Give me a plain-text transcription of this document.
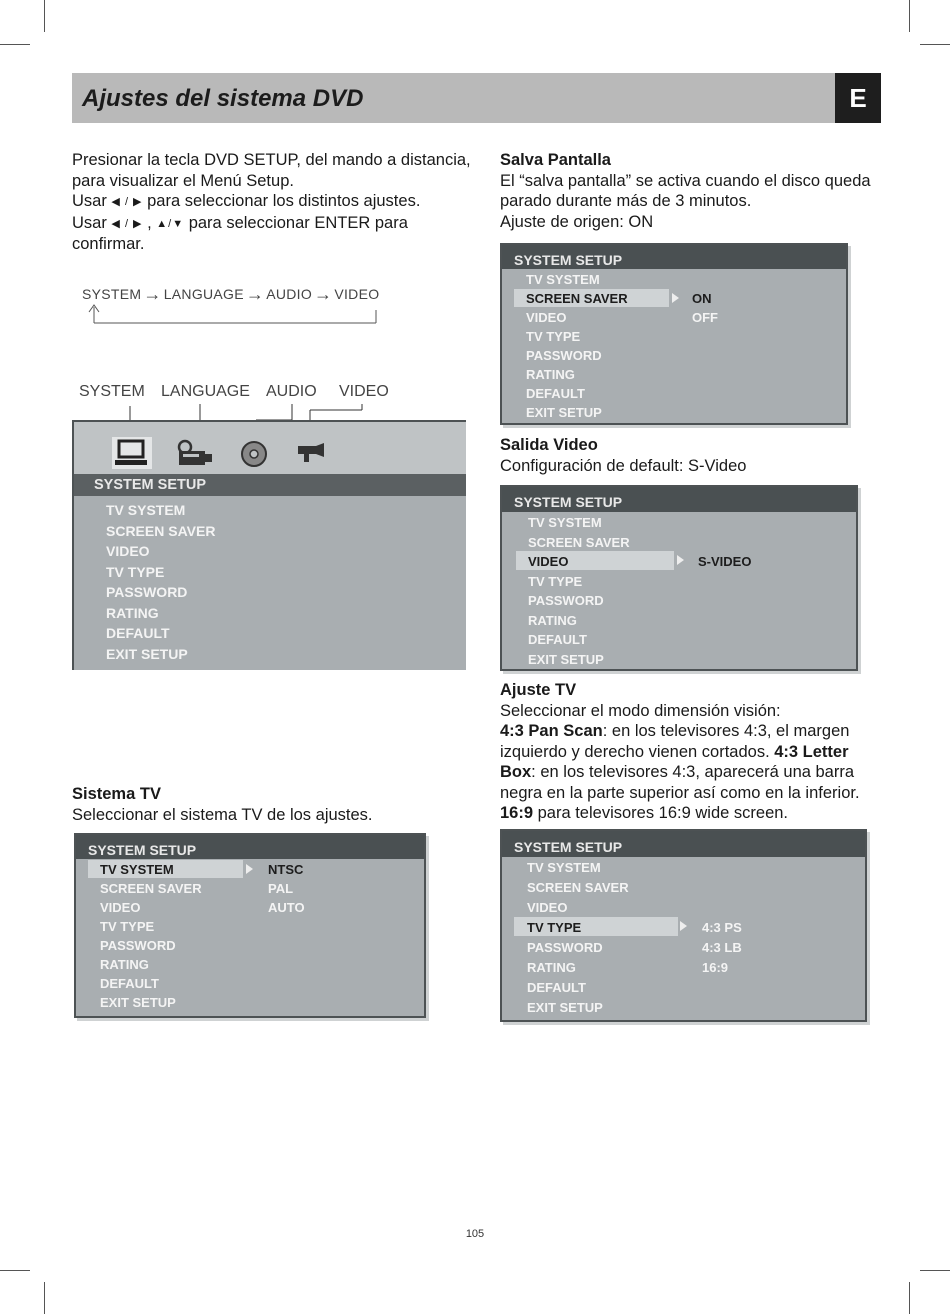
Ajustes del sistema DVD	E

Presionar la tecla DVD SETUP, del mando a distancia,

para visualizar el Menú Setup.

Usar ◀ / ▶ para seleccionar los distintos ajustes.

Usar ◀ / ▶ , ▲/▼ para seleccionar ENTER para

confirmar.

SYSTEM → LANGUAGE → AUDIO → VIDEO
SYSTEM LANGUAGE AUDIO VIDEO
SYSTEM SETUP
TV SYSTEM
SCREEN SAVER
VIDEO
TV TYPE
PASSWORD
RATING
DEFAULT
EXIT SETUP

Sistema TV

Seleccionar el sistema TV de los ajustes.

SYSTEM SETUP
TV SYSTEM
SCREEN SAVER
VIDEO
TV TYPE
PASSWORD
RATING
DEFAULT
EXIT SETUP
NTSC
PAL
AUTO

Salva Pantalla

El “salva pantalla” se activa cuando el disco queda

parado durante más de 3 minutos.

Ajuste de origen: ON

SYSTEM SETUP
TV SYSTEM
SCREEN SAVER
VIDEO
TV TYPE
PASSWORD
RATING
DEFAULT
EXIT SETUP
ON
OFF

Salida Video

Configuración de default: S-Video

SYSTEM SETUP
TV SYSTEM
SCREEN SAVER
VIDEO
TV TYPE
PASSWORD
RATING
DEFAULT
EXIT SETUP
S-VIDEO

Ajuste TV

Seleccionar el modo dimensión visión:

4:3 Pan Scan: en los televisores 4:3, el margen

izquierdo y derecho vienen cortados. 4:3 Letter

Box: en los televisores 4:3, aparecerá una barra

negra en la parte superior así como en la inferior.

16:9 para televisores 16:9 wide screen.

SYSTEM SETUP
TV SYSTEM
SCREEN SAVER
VIDEO
TV TYPE
PASSWORD
RATING
DEFAULT
EXIT SETUP
4:3 PS
4:3 LB
16:9
105
